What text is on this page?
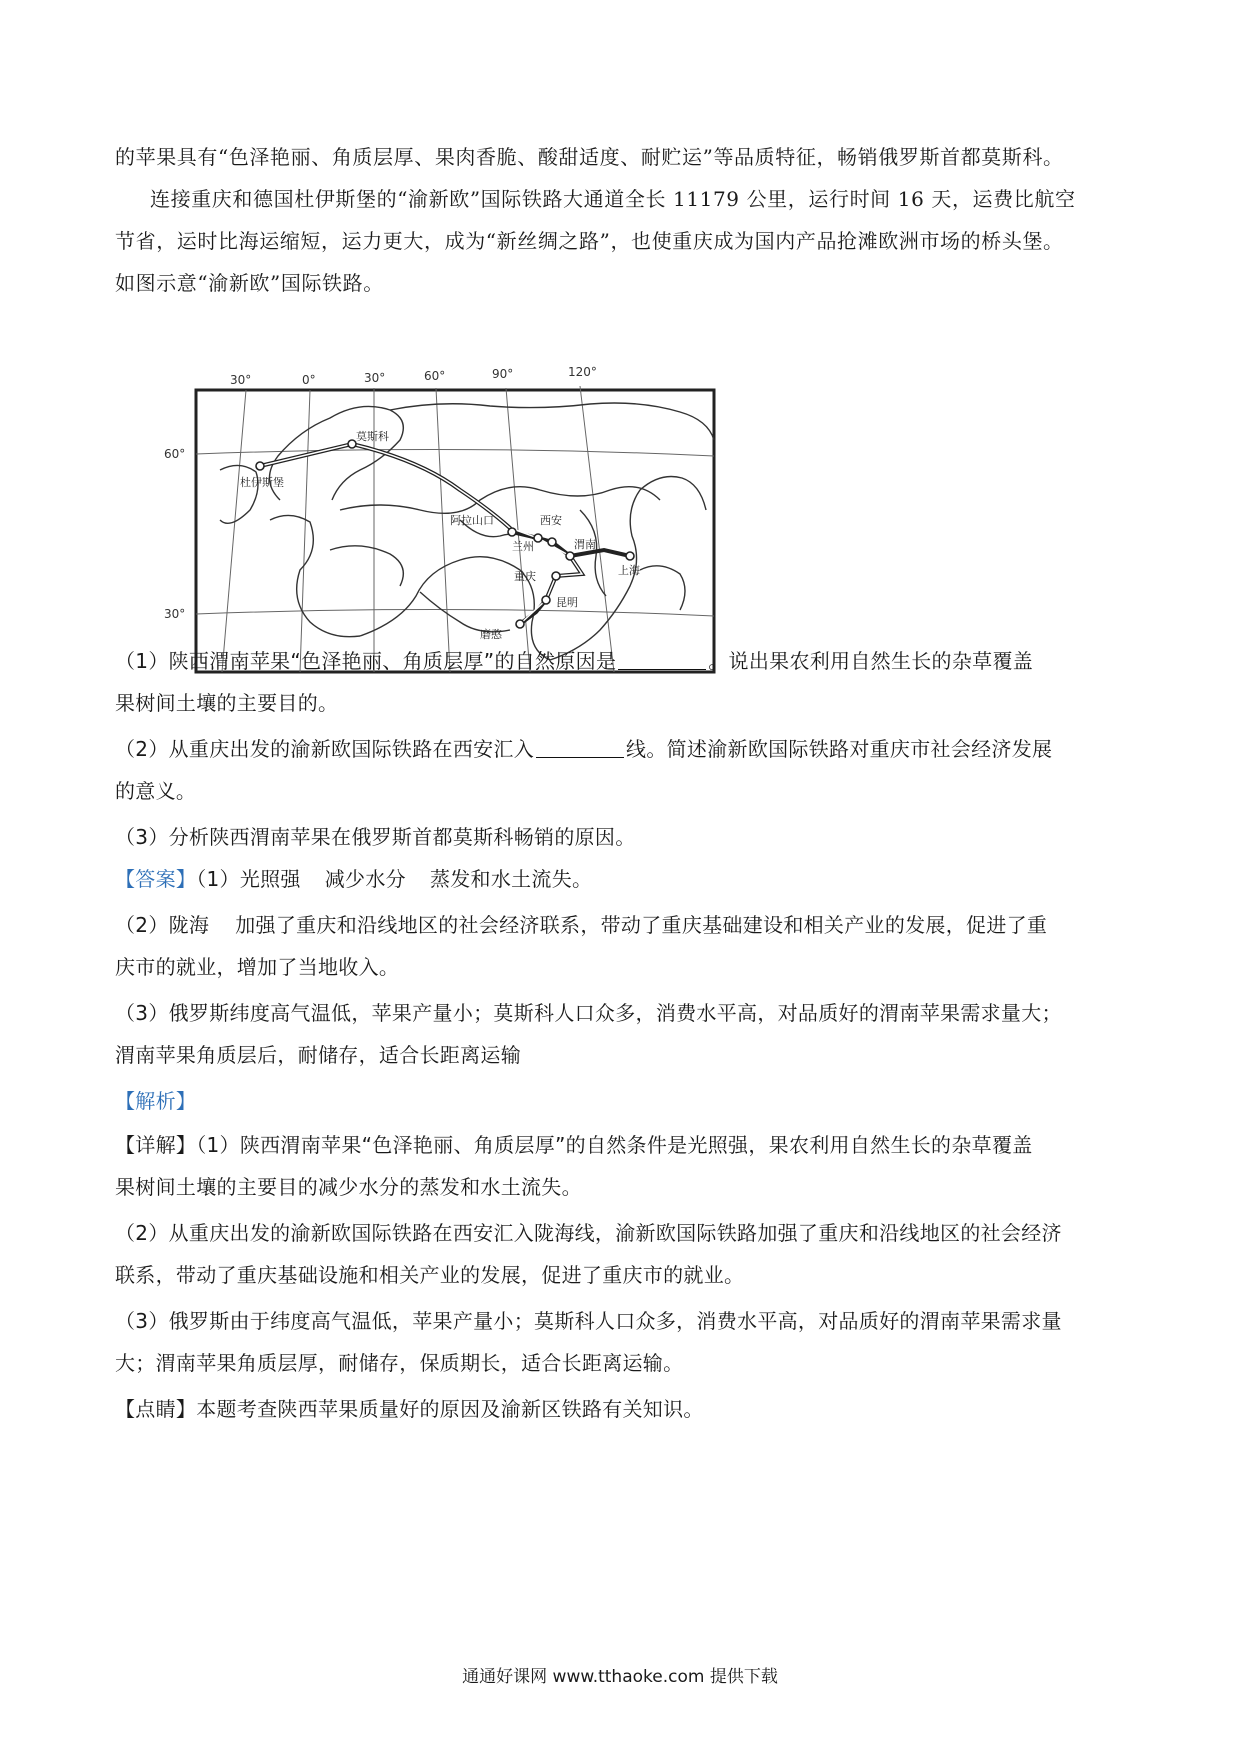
的苹果具有“色泽艳丽、角质层厚、果肉香脆、酸甜适度、耐贮运”等品质特征，畅销俄罗斯首都莫斯科。
连接重庆和德国杜伊斯堡的“渝新欧”国际铁路大通道全长 11179 公里，运行时间 16 天，运费比航空
节省，运时比海运缩短，运力更大，成为“新丝绸之路”，也使重庆成为国内产品抢滩欧洲市场的桥头堡。
如图示意“渝新欧”国际铁路。
30°	0°	30°	60°	90°	120°
60°
30°
莫斯科
杜伊斯堡
阿拉山口
兰州
西安
渭南
上海
重庆
昆明
磨憨
（1）陕西渭南苹果“色泽艳丽、角质层厚”的自然原因是	。说出果农利用自然生长的杂草覆盖
果树间土壤的主要目的。
（2）从重庆出发的渝新欧国际铁路在西安汇入	线。简述渝新欧国际铁路对重庆市社会经济发展
的意义。
（3）分析陕西渭南苹果在俄罗斯首都莫斯科畅销的原因。
【答案】（1）光照强 减少水分 蒸发和水土流失。
（2）陇海 加强了重庆和沿线地区的社会经济联系，带动了重庆基础建设和相关产业的发展，促进了重
庆市的就业，增加了当地收入。
（3）俄罗斯纬度高气温低，苹果产量小；莫斯科人口众多，消费水平高，对品质好的渭南苹果需求量大；
渭南苹果角质层后，耐储存，适合长距离运输
【解析】
【详解】（1）陕西渭南苹果“色泽艳丽、角质层厚”的自然条件是光照强，果农利用自然生长的杂草覆盖
果树间土壤的主要目的减少水分的蒸发和水土流失。
（2）从重庆出发的渝新欧国际铁路在西安汇入陇海线，渝新欧国际铁路加强了重庆和沿线地区的社会经济
联系，带动了重庆基础设施和相关产业的发展，促进了重庆市的就业。
（3）俄罗斯由于纬度高气温低，苹果产量小；莫斯科人口众多，消费水平高，对品质好的渭南苹果需求量
大；渭南苹果角质层厚，耐储存，保质期长，适合长距离运输。
【点睛】本题考查陕西苹果质量好的原因及渝新区铁路有关知识。
通通好课网 www.tthaoke.com 提供下载
